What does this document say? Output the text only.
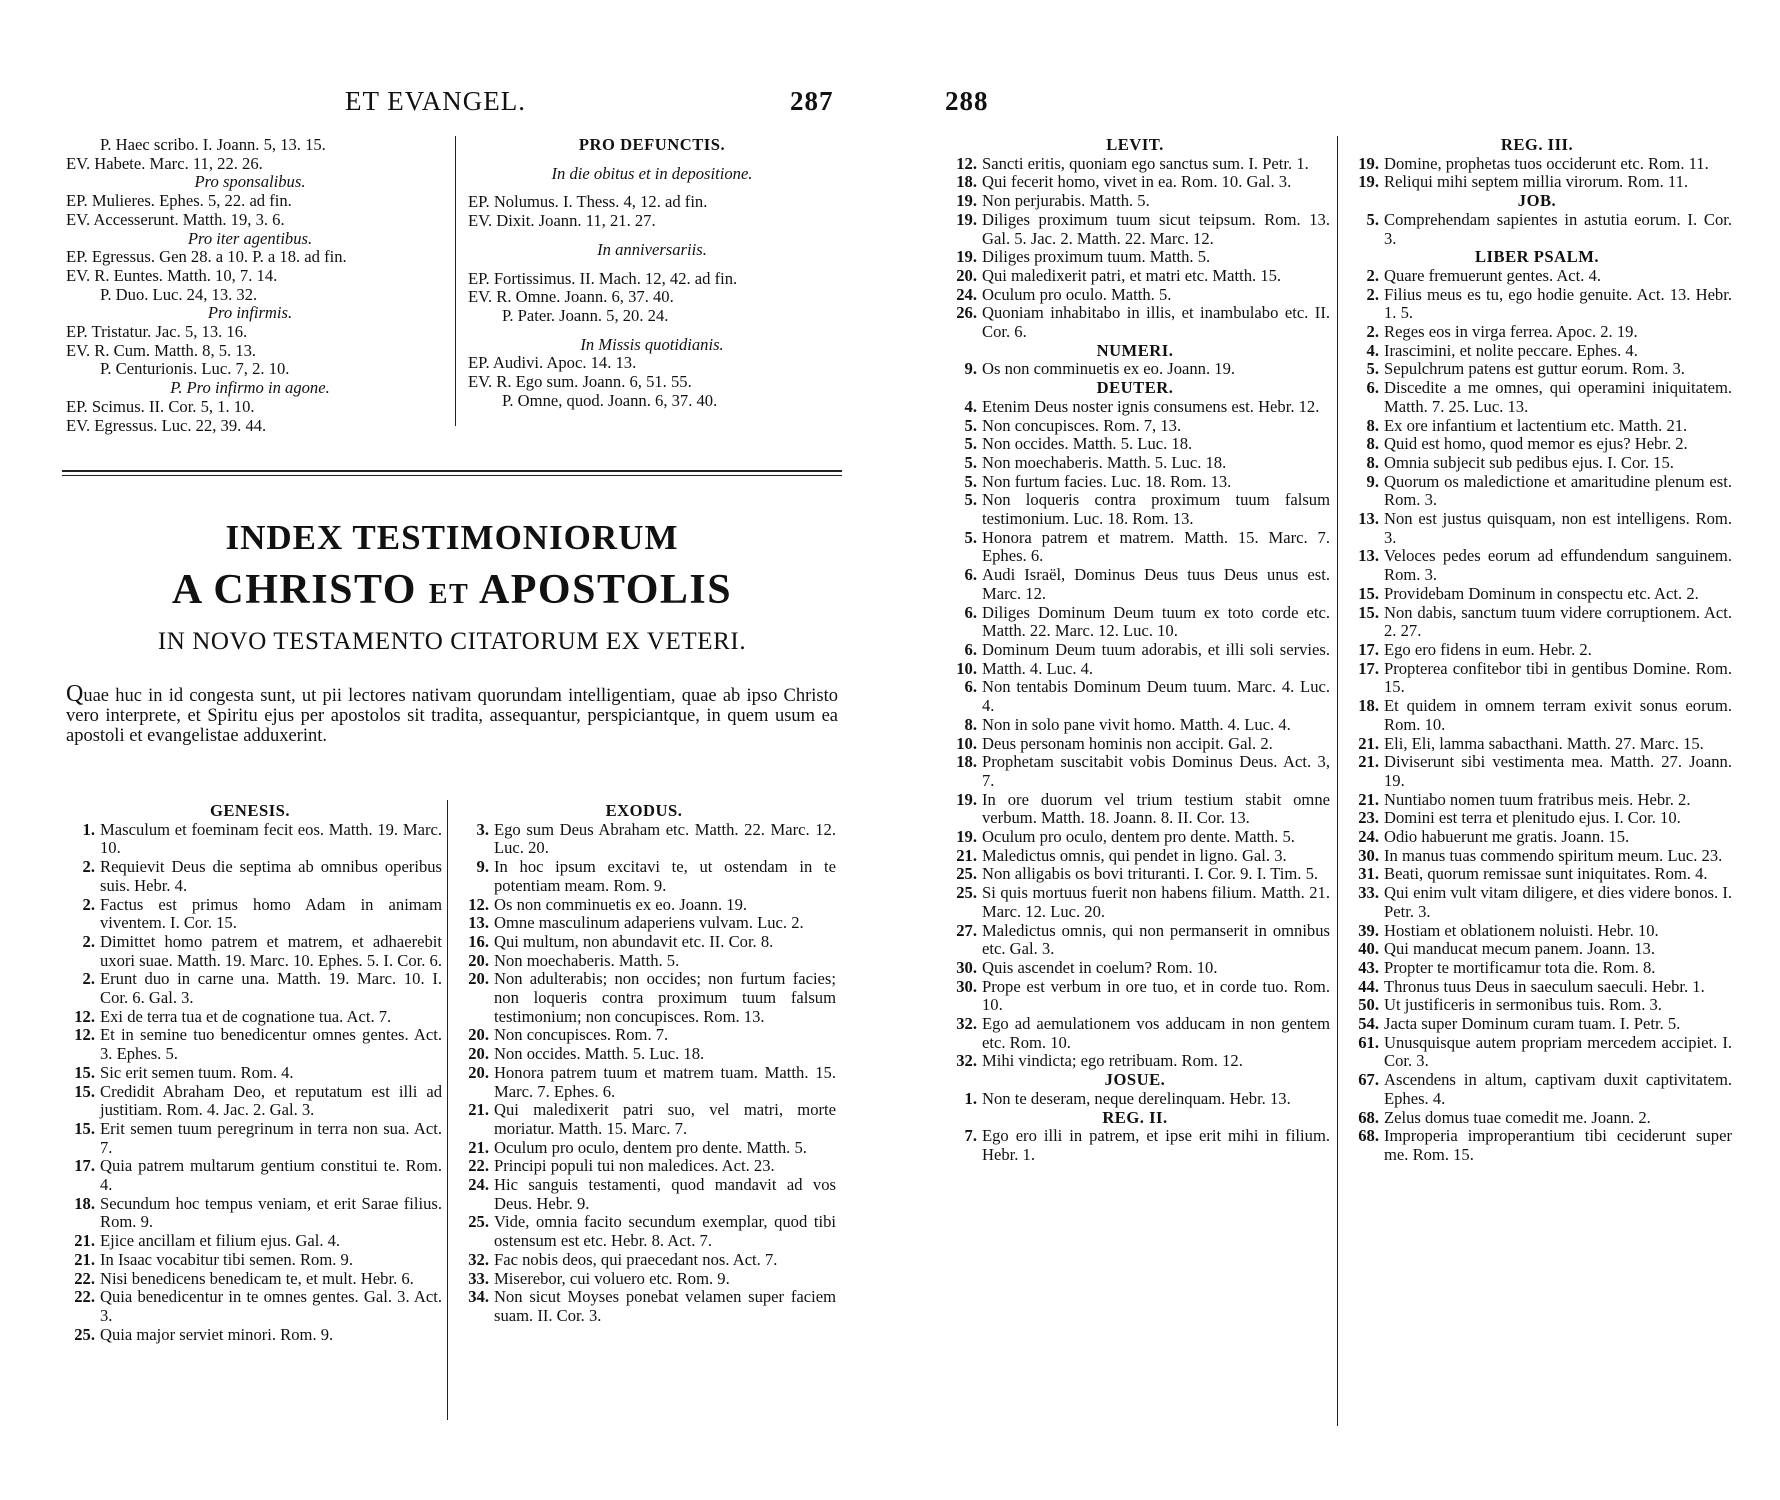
ET EVANGEL.	287
P. Haec scribo. I. Joann. 5, 13. 15.
EV. Habete. Marc. 11, 22. 26.
Pro sponsalibus.
EP. Mulieres. Ephes. 5, 22. ad fin.
EV. Accesserunt. Matth. 19, 3. 6.
Pro iter agentibus.
EP. Egressus. Gen 28. a 10. P. a 18. ad fin.
EV. R. Euntes. Matth. 10, 7. 14.
P. Duo. Luc. 24, 13. 32.
Pro infirmis.
EP. Tristatur. Jac. 5, 13. 16.
EV. R. Cum. Matth. 8, 5. 13.
P. Centurionis. Luc. 7, 2. 10.
P. Pro infirmo in agone.
EP. Scimus. II. Cor. 5, 1. 10.
EV. Egressus. Luc. 22, 39. 44.
PRO DEFUNCTIS.
In die obitus et in depositione.
EP. Nolumus. I. Thess. 4, 12. ad fin.
EV. Dixit. Joann. 11, 21. 27.
In anniversariis.
EP. Fortissimus. II. Mach. 12, 42. ad fin.
EV. R. Omne. Joann. 6, 37. 40.
P. Pater. Joann. 5, 20. 24.
In Missis quotidianis.
EP. Audivi. Apoc. 14. 13.
EV. R. Ego sum. Joann. 6, 51. 55.
P. Omne, quod. Joann. 6, 37. 40.
INDEX TESTIMONIORUM
A CHRISTO ET APOSTOLIS
IN NOVO TESTAMENTO CITATORUM EX VETERI.
Quae huc in id congesta sunt, ut pii lectores nativam quorundam intelligentiam, quae ab ipso Christo vero interprete, et Spiritu ejus per apostolos sit tradita, assequantur, perspiciantque, in quem usum ea apostoli et evangelistae adduxerint.
GENESIS.
1. Masculum et foeminam fecit eos. Matth. 19. Marc. 10.
2. Requievit Deus die septima ab omnibus operibus suis. Hebr. 4.
2. Factus est primus homo Adam in animam viventem. I. Cor. 15.
2. Dimittet homo patrem et matrem, et adhaerebit uxori suae. Matth. 19. Marc. 10. Ephes. 5. I. Cor. 6.
2. Erunt duo in carne una. Matth. 19. Marc. 10. I. Cor. 6. Gal. 3.
12. Exi de terra tua et de cognatione tua. Act. 7.
12. Et in semine tuo benedicentur omnes gentes. Act. 3. Ephes. 5.
15. Sic erit semen tuum. Rom. 4.
15. Credidit Abraham Deo, et reputatum est illi ad justitiam. Rom. 4. Jac. 2. Gal. 3.
15. Erit semen tuum peregrinum in terra non sua. Act. 7.
17. Quia patrem multarum gentium constitui te. Rom. 4.
18. Secundum hoc tempus veniam, et erit Sarae filius. Rom. 9.
21. Ejice ancillam et filium ejus. Gal. 4.
21. In Isaac vocabitur tibi semen. Rom. 9.
22. Nisi benedicens benedicam te, et mult. Hebr. 6.
22. Quia benedicentur in te omnes gentes. Gal. 3. Act. 3.
25. Quia major serviet minori. Rom. 9.
EXODUS.
3. Ego sum Deus Abraham etc. Matth. 22. Marc. 12. Luc. 20.
9. In hoc ipsum excitavi te, ut ostendam in te potentiam meam. Rom. 9.
12. Os non comminuetis ex eo. Joann. 19.
13. Omne masculinum adaperiens vulvam. Luc. 2.
16. Qui multum, non abundavit etc. II. Cor. 8.
20. Non moechaberis. Matth. 5.
20. Non adulterabis; non occides; non furtum facies; non loqueris contra proximum tuum falsum testimonium; non concupisces. Rom. 13.
20. Non concupisces. Rom. 7.
20. Non occides. Matth. 5. Luc. 18.
20. Honora patrem tuum et matrem tuam. Matth. 15. Marc. 7. Ephes. 6.
21. Qui maledixerit patri suo, vel matri, morte moriatur. Matth. 15. Marc. 7.
21. Oculum pro oculo, dentem pro dente. Matth. 5.
22. Principi populi tui non maledices. Act. 23.
24. Hic sanguis testamenti, quod mandavit ad vos Deus. Hebr. 9.
25. Vide, omnia facito secundum exemplar, quod tibi ostensum est etc. Hebr. 8. Act. 7.
32. Fac nobis deos, qui praecedant nos. Act. 7.
33. Miserebor, cui voluero etc. Rom. 9.
34. Non sicut Moyses ponebat velamen super faciem suam. II. Cor. 3.
288
LEVIT.
12. Sancti eritis, quoniam ego sanctus sum. I. Petr. 1.
18. Qui fecerit homo, vivet in ea. Rom. 10. Gal. 3.
19. Non perjurabis. Matth. 5.
19. Diliges proximum tuum sicut teipsum. Rom. 13. Gal. 5. Jac. 2. Matth. 22. Marc. 12.
19. Diliges proximum tuum. Matth. 5.
20. Qui maledixerit patri, et matri etc. Matth. 15.
24. Oculum pro oculo. Matth. 5.
26. Quoniam inhabitabo in illis, et inambulabo etc. II. Cor. 6.
NUMERI.
9. Os non comminuetis ex eo. Joann. 19.
DEUTER.
4. Etenim Deus noster ignis consumens est. Hebr. 12.
5. Non concupisces. Rom. 7, 13.
5. Non occides. Matth. 5. Luc. 18.
5. Non moechaberis. Matth. 5. Luc. 18.
5. Non furtum facies. Luc. 18. Rom. 13.
5. Non loqueris contra proximum tuum falsum testimonium. Luc. 18. Rom. 13.
5. Honora patrem et matrem. Matth. 15. Marc. 7. Ephes. 6.
6. Audi Israël, Dominus Deus tuus Deus unus est. Marc. 12.
6. Diliges Dominum Deum tuum ex toto corde etc. Matth. 22. Marc. 12. Luc. 10.
6. 10.
Dominum Deum tuum adorabis, et illi soli servies. Matth. 4. Luc. 4.
6. Non tentabis Dominum Deum tuum. Marc. 4. Luc. 4.
8. Non in solo pane vivit homo. Matth. 4. Luc. 4.
10. Deus personam hominis non accipit. Gal. 2.
18. Prophetam suscitabit vobis Dominus Deus. Act. 3, 7.
19. In ore duorum vel trium testium stabit omne verbum. Matth. 18. Joann. 8. II. Cor. 13.
19. Oculum pro oculo, dentem pro dente. Matth. 5.
21. Maledictus omnis, qui pendet in ligno. Gal. 3.
25. Non alligabis os bovi trituranti. I. Cor. 9. I. Tim. 5.
25. Si quis mortuus fuerit non habens filium. Matth. 21. Marc. 12. Luc. 20.
27. Maledictus omnis, qui non permanserit in omnibus etc. Gal. 3.
30. Quis ascendet in coelum? Rom. 10.
30. Prope est verbum in ore tuo, et in corde tuo. Rom. 10.
32. Ego ad aemulationem vos adducam in non gentem etc. Rom. 10.
32. Mihi vindicta; ego retribuam. Rom. 12.
JOSUE.
1. Non te deseram, neque derelinquam. Hebr. 13.
REG. II.
7. Ego ero illi in patrem, et ipse erit mihi in filium. Hebr. 1.
REG. III.
19. Domine, prophetas tuos occiderunt etc. Rom. 11.
19. Reliqui mihi septem millia virorum. Rom. 11.
JOB.
5. Comprehendam sapientes in astutia eorum. I. Cor. 3.
LIBER PSALM.
2. Quare fremuerunt gentes. Act. 4.
2. Filius meus es tu, ego hodie genuite. Act. 13. Hebr. 1. 5.
2. Reges eos in virga ferrea. Apoc. 2. 19.
4. Irascimini, et nolite peccare. Ephes. 4.
5. Sepulchrum patens est guttur eorum. Rom. 3.
6. Discedite a me omnes, qui operamini iniquitatem. Matth. 7. 25. Luc. 13.
8. Ex ore infantium et lactentium etc. Matth. 21.
8. Quid est homo, quod memor es ejus? Hebr. 2.
8. Omnia subjecit sub pedibus ejus. I. Cor. 15.
9. Quorum os maledictione et amaritudine plenum est. Rom. 3.
13. Non est justus quisquam, non est intelligens. Rom. 3.
13. Veloces pedes eorum ad effundendum sanguinem. Rom. 3.
15. Providebam Dominum in conspectu etc. Act. 2.
15. Non dabis, sanctum tuum videre corruptionem. Act. 2. 27.
17. Ego ero fidens in eum. Hebr. 2.
17. Propterea confitebor tibi in gentibus Domine. Rom. 15.
18. Et quidem in omnem terram exivit sonus eorum. Rom. 10.
21. Eli, Eli, lamma sabacthani. Matth. 27. Marc. 15.
21. Diviserunt sibi vestimenta mea. Matth. 27. Joann. 19.
21. Nuntiabo nomen tuum fratribus meis. Hebr. 2.
23. Domini est terra et plenitudo ejus. I. Cor. 10.
24. Odio habuerunt me gratis. Joann. 15.
30. In manus tuas commendo spiritum meum. Luc. 23.
31. Beati, quorum remissae sunt iniquitates. Rom. 4.
33. Qui enim vult vitam diligere, et dies videre bonos. I. Petr. 3.
39. Hostiam et oblationem noluisti. Hebr. 10.
40. Qui manducat mecum panem. Joann. 13.
43. Propter te mortificamur tota die. Rom. 8.
44. Thronus tuus Deus in saeculum saeculi. Hebr. 1.
50. Ut justificeris in sermonibus tuis. Rom. 3.
54. Jacta super Dominum curam tuam. I. Petr. 5.
61. Unusquisque autem propriam mercedem accipiet. I. Cor. 3.
67. Ascendens in altum, captivam duxit captivitatem. Ephes. 4.
68. Zelus domus tuae comedit me. Joann. 2.
68. Improperia improperantium tibi ceciderunt super me. Rom. 15.
